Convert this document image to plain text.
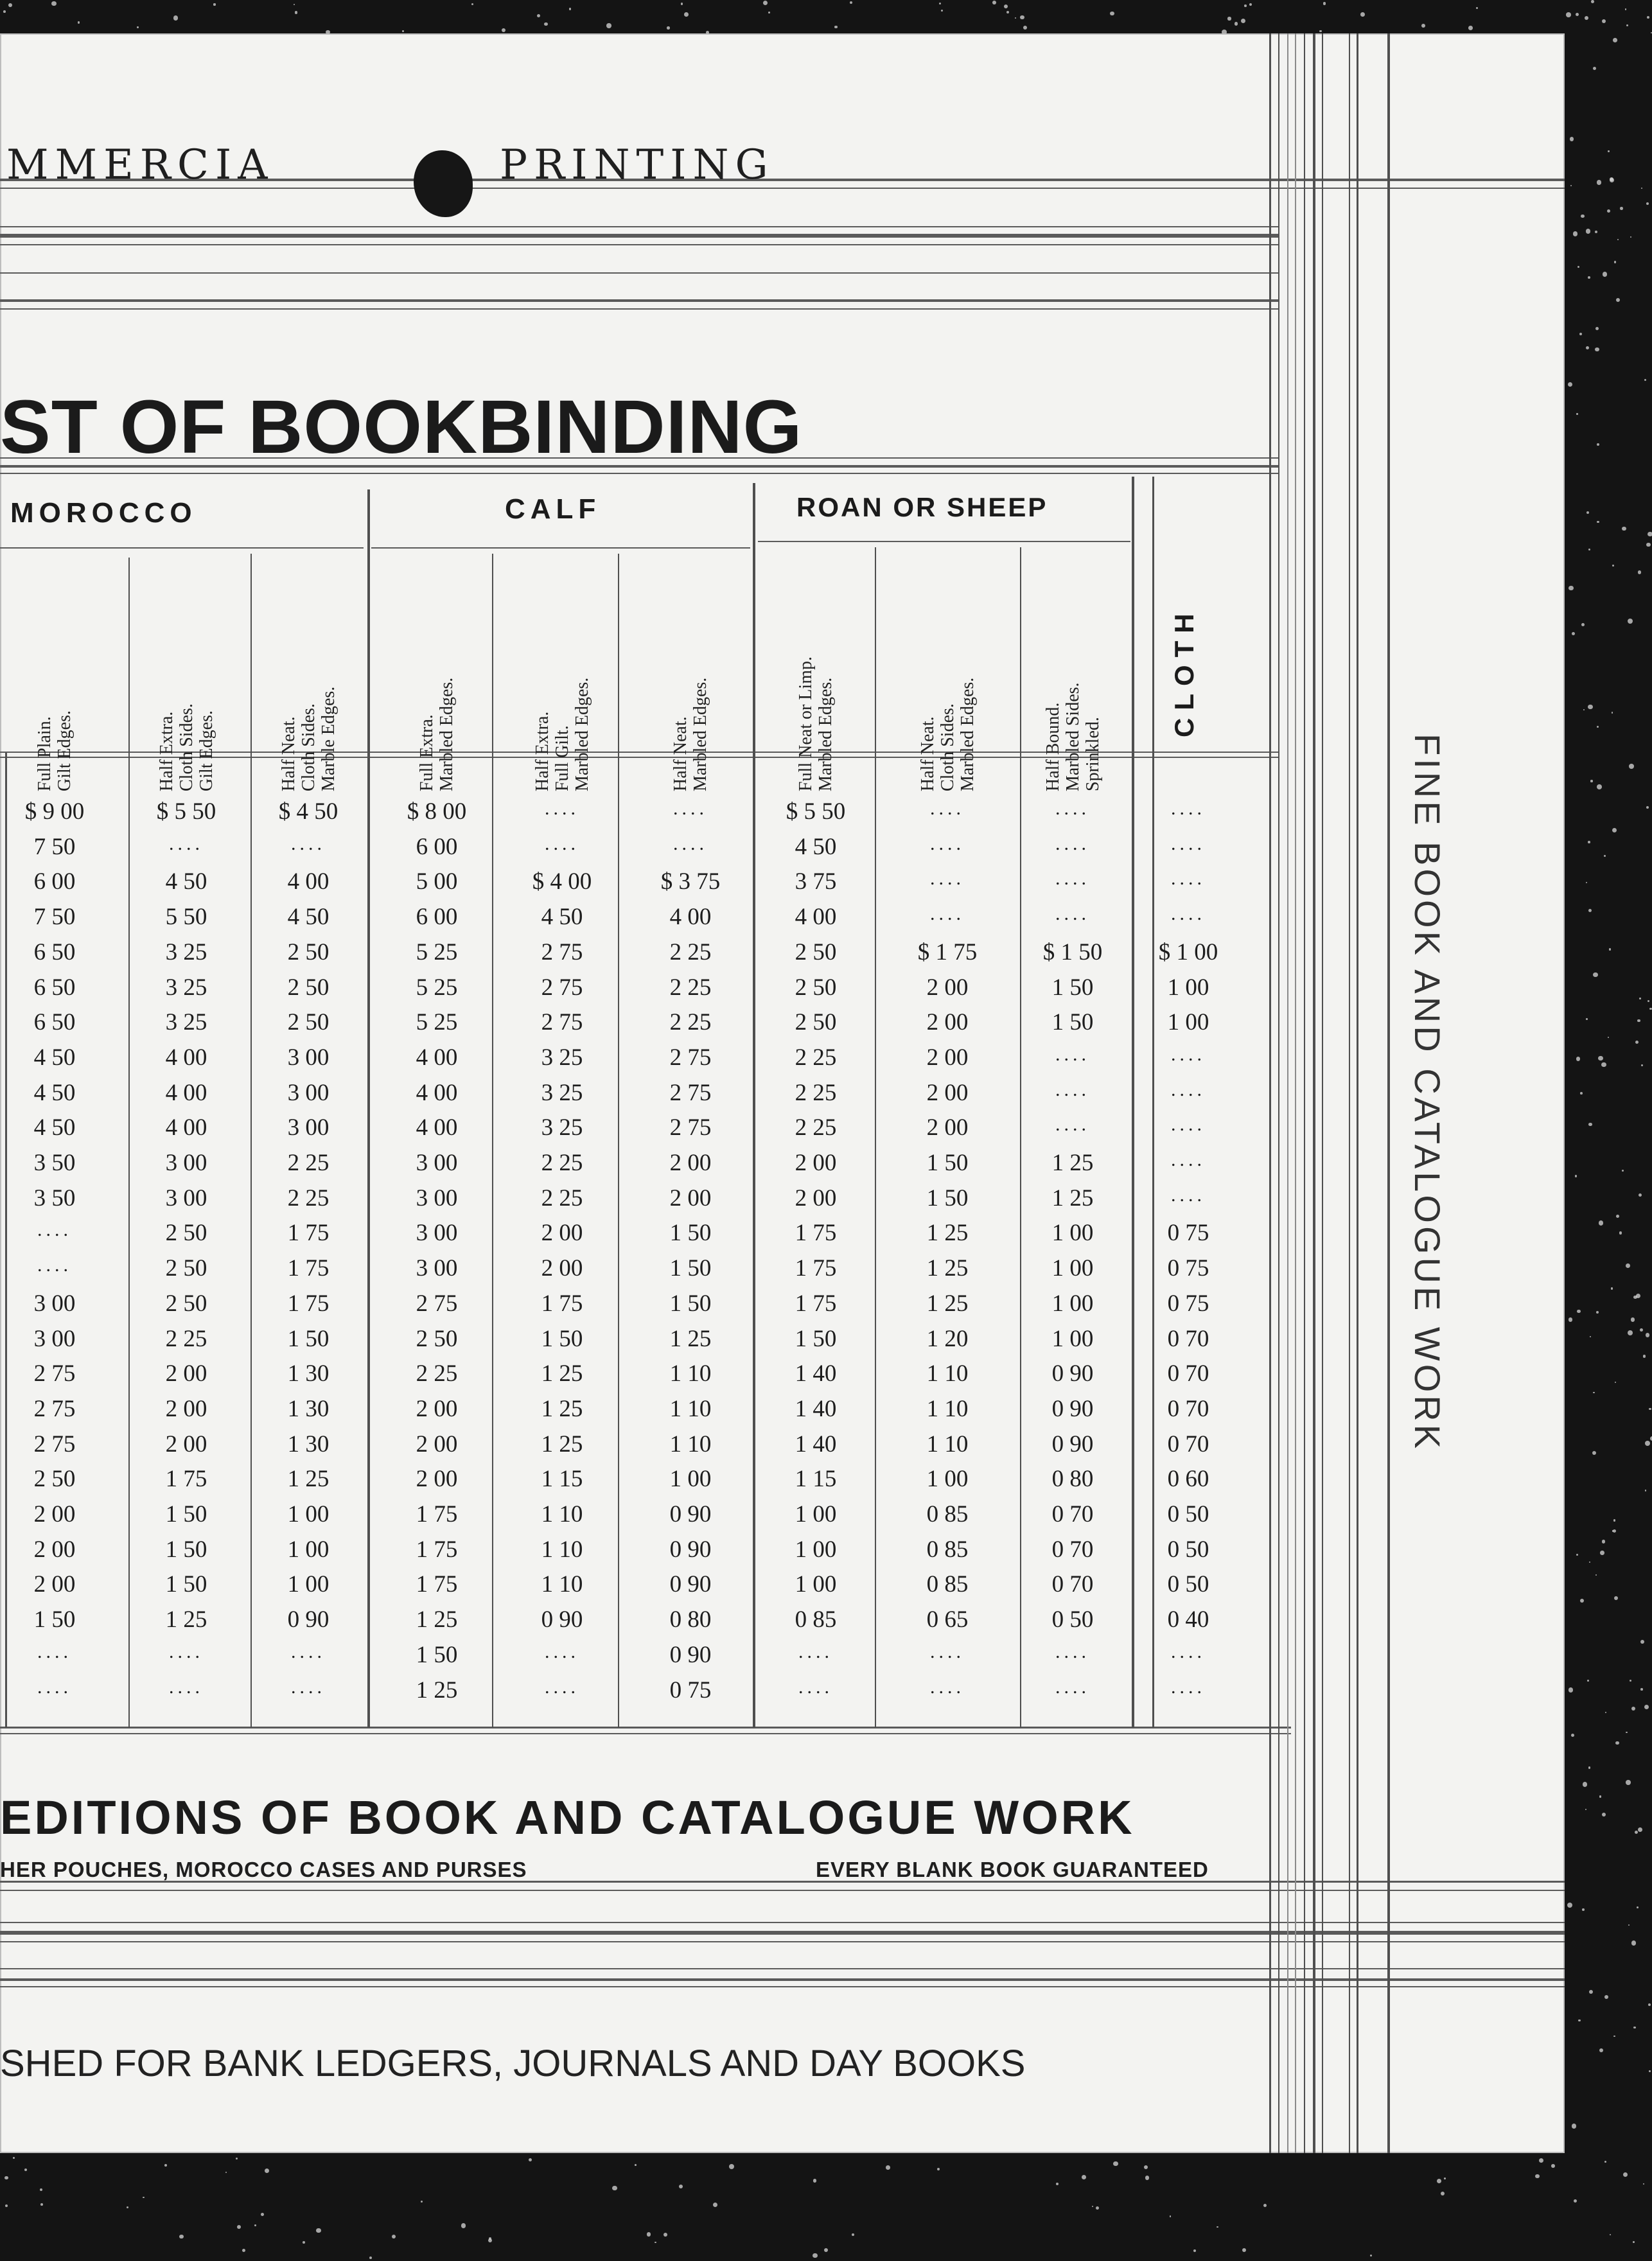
MMERCIA	PRINTING
ST OF BOOKBINDING
MOROCCO	CALF	ROAN OR SHEEP
CLOTH
Full Plain. Gilt Edges.	Half Extra. Cloth Sides. Gilt Edges.	Half Neat. Cloth Sides. Marble Edges.	Full Extra. Marbled Edges.	Half Extra. Full Gilt. Marbled Edges.	Half Neat. Marbled Edges.	Full Neat or Limp. Marbled Edges.	Half Neat. Cloth Sides. Marbled Edges.	Half Bound. Marbled Sides. Sprinkled.
$ 9 00	$ 5 50	$ 4 50	$ 8 00	....	....	$ 5 50	....	....	....
7 50	....	....	6 00	....	....	4 50	....	....	....
6 00	4 50	4 00	5 00	$ 4 00	$ 3 75	3 75	....	....	....
7 50	5 50	4 50	6 00	4 50	4 00	4 00	....	....	....
6 50	3 25	2 50	5 25	2 75	2 25	2 50	$ 1 75	$ 1 50	$ 1 00
6 50	3 25	2 50	5 25	2 75	2 25	2 50	2 00	1 50	1 00
6 50	3 25	2 50	5 25	2 75	2 25	2 50	2 00	1 50	1 00
4 50	4 00	3 00	4 00	3 25	2 75	2 25	2 00	....	....
4 50	4 00	3 00	4 00	3 25	2 75	2 25	2 00	....	....
4 50	4 00	3 00	4 00	3 25	2 75	2 25	2 00	....	....
3 50	3 00	2 25	3 00	2 25	2 00	2 00	1 50	1 25	....
3 50	3 00	2 25	3 00	2 25	2 00	2 00	1 50	1 25	....
....	2 50	1 75	3 00	2 00	1 50	1 75	1 25	1 00	0 75
....	2 50	1 75	3 00	2 00	1 50	1 75	1 25	1 00	0 75
3 00	2 50	1 75	2 75	1 75	1 50	1 75	1 25	1 00	0 75
3 00	2 25	1 50	2 50	1 50	1 25	1 50	1 20	1 00	0 70
2 75	2 00	1 30	2 25	1 25	1 10	1 40	1 10	0 90	0 70
2 75	2 00	1 30	2 00	1 25	1 10	1 40	1 10	0 90	0 70
2 75	2 00	1 30	2 00	1 25	1 10	1 40	1 10	0 90	0 70
2 50	1 75	1 25	2 00	1 15	1 00	1 15	1 00	0 80	0 60
2 00	1 50	1 00	1 75	1 10	0 90	1 00	0 85	0 70	0 50
2 00	1 50	1 00	1 75	1 10	0 90	1 00	0 85	0 70	0 50
2 00	1 50	1 00	1 75	1 10	0 90	1 00	0 85	0 70	0 50
1 50	1 25	0 90	1 25	0 90	0 80	0 85	0 65	0 50	0 40
....	....	....	1 50	....	0 90	....	....	....	....
....	....	....	1 25	....	0 75	....	....	....	....
EDITIONS OF BOOK AND CATALOGUE WORK
HER POUCHES, MOROCCO CASES AND PURSES	EVERY BLANK BOOK GUARANTEED
SHED FOR BANK LEDGERS, JOURNALS AND DAY BOOKS
FINE BOOK AND CATALOGUE WORK
